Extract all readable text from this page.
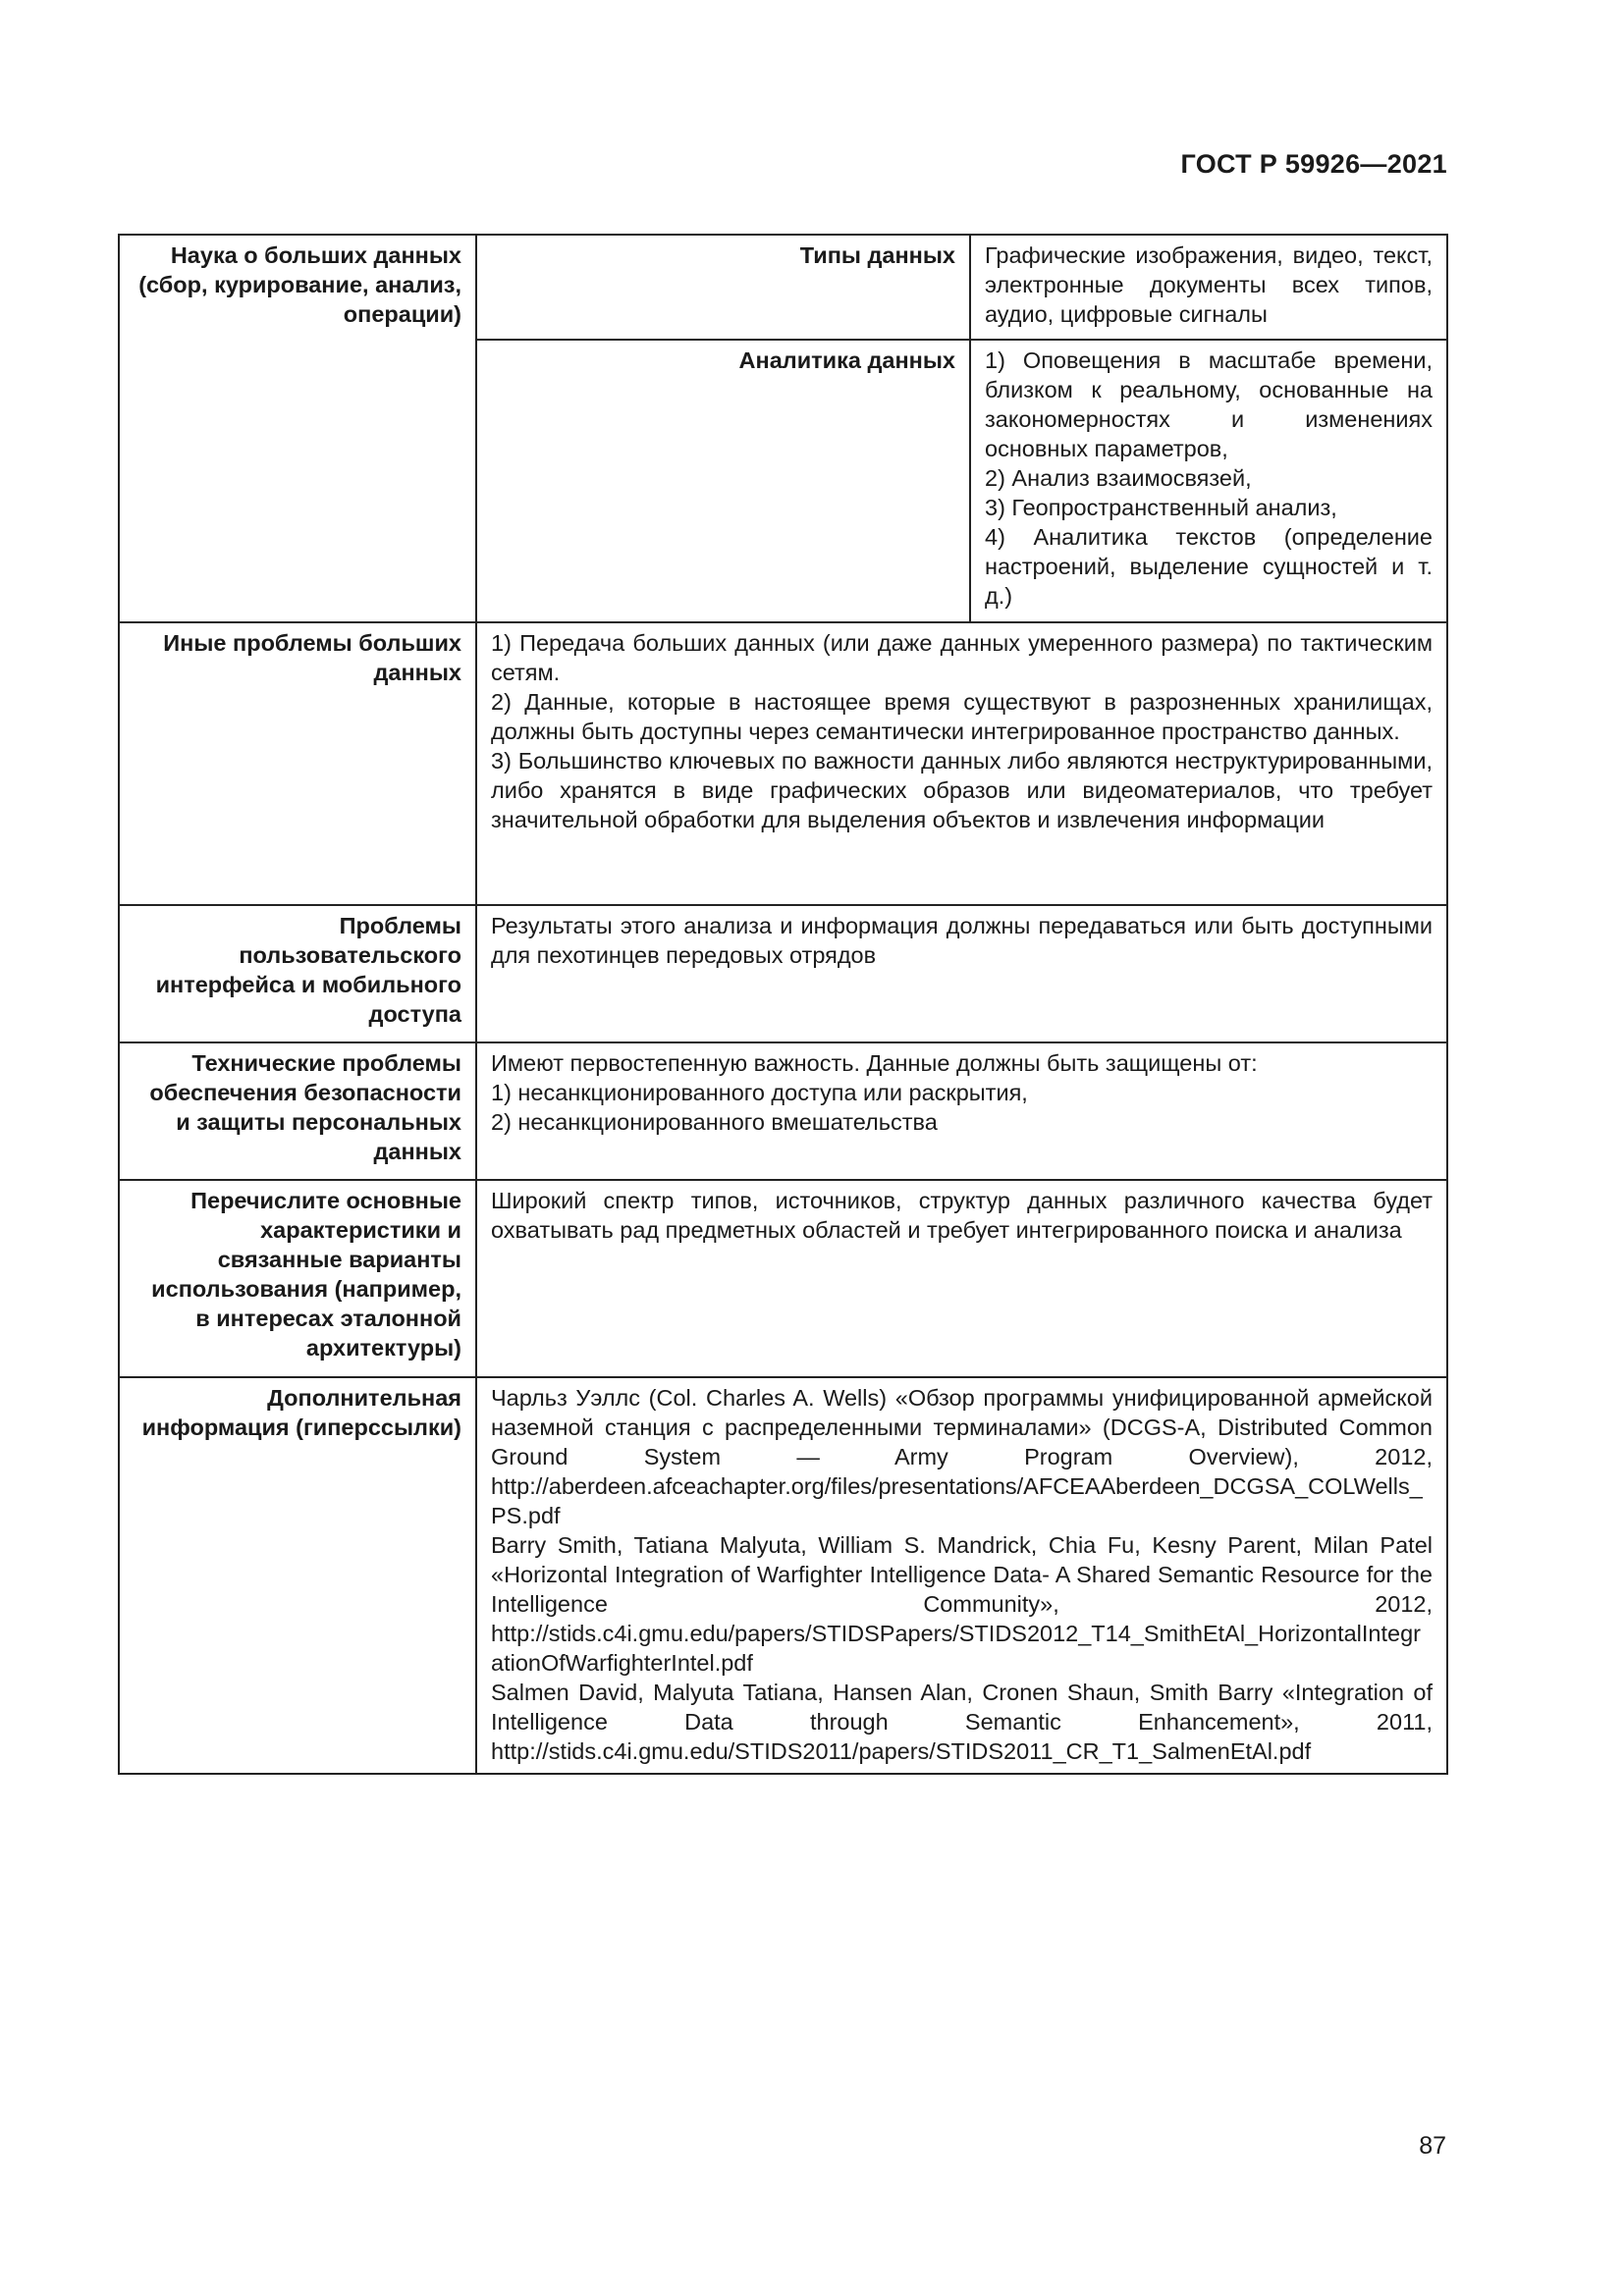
ГОСТ Р 59926—2021
Наука о больших данных (сбор, курирование, анализ, операции)	Типы данных	Графические изображения, видео, текст, электронные документы всех типов, аудио, цифровые сигналы
	Аналитика данных	1) Оповещения в масштабе времени, близком к реальному, основанные на закономерностях и изменениях основных параметров,
2) Анализ взаимосвязей,
3) Геопространственный анализ,
4) Аналитика текстов (определение настроений, выделение сущностей и т. д.)
Иные проблемы больших данных	1) Передача больших данных (или даже данных умеренного размера) по тактическим сетям.
2) Данные, которые в настоящее время существуют в разрозненных хранилищах, должны быть доступны через семантически интегрированное пространство данных.
3) Большинство ключевых по важности данных либо являются неструктурированными, либо хранятся в виде графических образов или видеоматериалов, что требует значительной обработки для выделения объектов и извлечения информации	
Проблемы пользовательского интерфейса и мобильного доступа	Результаты этого анализа и информация должны передаваться или быть доступными для пехотинцев передовых отрядов	
Технические проблемы обеспечения безопасности и защиты персональных данных	Имеют первостепенную важность. Данные должны быть защищены от:
1) несанкционированного доступа или раскрытия,
2) несанкционированного вмешательства	
Перечислите основные характеристики и связанные варианты использования (например, в интересах эталонной архитектуры)	Широкий спектр типов, источников, структур данных различного качества будет охватывать рад предметных областей и требует интегрированного поиска и анализа	
Дополнительная информация (гиперссылки)	Чарльз Уэллс (Col. Charles A. Wells) «Обзор программы унифицированной армейской наземной станция с распределенными терминалами» (DCGS-A, Distributed Common Ground System — Army Program Overview), 2012, http://aberdeen.afceachapter.org/files/presentations/AFCEAAberdeen_DCGSA_COLWells_PS.pdf
Barry Smith, Tatiana Malyuta, William S. Mandrick, Chia Fu, Kesny Parent, Milan Patel «Horizontal Integration of Warfighter Intelligence Data- A Shared Semantic Resource for the Intelligence Community», 2012, http://stids.c4i.gmu.edu/papers/STIDSPapers/STIDS2012_T14_SmithEtAl_HorizontalIntegrationOfWarfighterIntel.pdf
Salmen David, Malyuta Tatiana, Hansen Alan, Cronen Shaun, Smith Barry «Integration of Intelligence Data through Semantic Enhancement», 2011, http://stids.c4i.gmu.edu/STIDS2011/papers/STIDS2011_CR_T1_SalmenEtAl.pdf	
87
